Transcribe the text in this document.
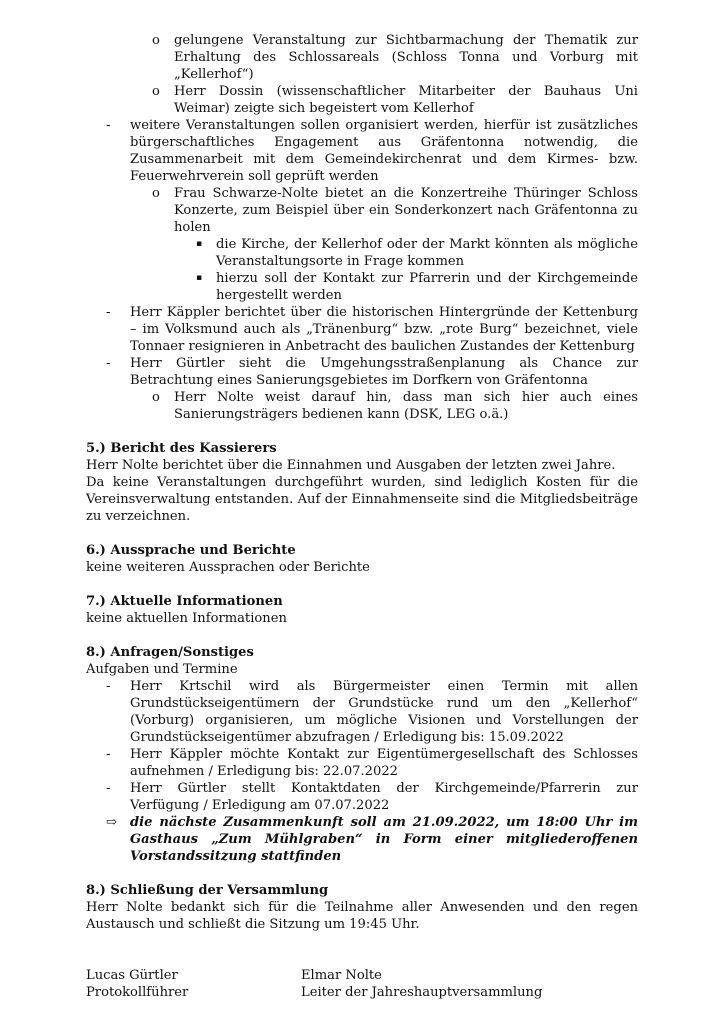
o	gelungene Veranstaltung zur Sichtbarmachung der Thematik zur Erhaltung des Schlossareals (Schloss Tonna und Vorburg mit „Kellerhof“)
o	Herr Dossin (wissenschaftlicher Mitarbeiter der Bauhaus Uni Weimar) zeigte sich begeistert vom Kellerhof
-	weitere Veranstaltungen sollen organisiert werden, hierfür ist zusätzliches bürgerschaftliches Engagement aus Gräfentonna notwendig, die Zusammenarbeit mit dem Gemeindekirchenrat und dem Kirmes- bzw. Feuerwehrverein soll geprüft werden
o	Frau Schwarze-Nolte bietet an die Konzertreihe Thüringer Schloss Konzerte, zum Beispiel über ein Sonderkonzert nach Gräfentonna zu holen
▪	die Kirche, der Kellerhof oder der Markt könnten als mögliche Veranstaltungsorte in Frage kommen
▪	hierzu soll der Kontakt zur Pfarrerin und der Kirchgemeinde hergestellt werden
-	Herr Käppler berichtet über die historischen Hintergründe der Kettenburg – im Volksmund auch als „Tränenburg“ bzw. „rote Burg“ bezeichnet, viele Tonnaer resignieren in Anbetracht des baulichen Zustandes der Kettenburg
-	Herr Gürtler sieht die Umgehungsstraßenplanung als Chance zur Betrachtung eines Sanierungsgebietes im Dorfkern von Gräfentonna
o	Herr Nolte weist darauf hin, dass man sich hier auch eines Sanierungsträgers bedienen kann (DSK, LEG o.ä.)
5.) Bericht des Kassierers

Herr Nolte berichtet über die Einnahmen und Ausgaben der letzten zwei Jahre.

Da keine Veranstaltungen durchgeführt wurden, sind lediglich Kosten für die Vereinsverwaltung entstanden. Auf der Einnahmenseite sind die Mitgliedsbeiträge zu verzeichnen.

6.) Aussprache und Berichte

keine weiteren Aussprachen oder Berichte

7.) Aktuelle Informationen

keine aktuellen Informationen

8.) Anfragen/Sonstiges

Aufgaben und Termine

-	Herr Krtschil wird als Bürgermeister einen Termin mit allen Grundstückseigentümern der Grundstücke rund um den „Kellerhof“ (Vorburg) organisieren, um mögliche Visionen und Vorstellungen der Grundstückseigentümer abzufragen / Erledigung bis: 15.09.2022
-	Herr Käppler möchte Kontakt zur Eigentümergesellschaft des Schlosses aufnehmen / Erledigung bis: 22.07.2022
-	Herr Gürtler stellt Kontaktdaten der Kirchgemeinde/Pfarrerin zur Verfügung / Erledigung am 07.07.2022
⇨ die nächste Zusammenkunft soll am 21.09.2022, um 18:00 Uhr im Gasthaus „Zum Mühlgraben“ in Form einer mitgliederoffenen Vorstandssitzung stattfinden
8.) Schließung der Versammlung

Herr Nolte bedankt sich für die Teilnahme aller Anwesenden und den regen Austausch und schließt die Sitzung um 19:45 Uhr.

Lucas Gürtler
Protokollführer
Elmar Nolte
Leiter der Jahreshauptversammlung
